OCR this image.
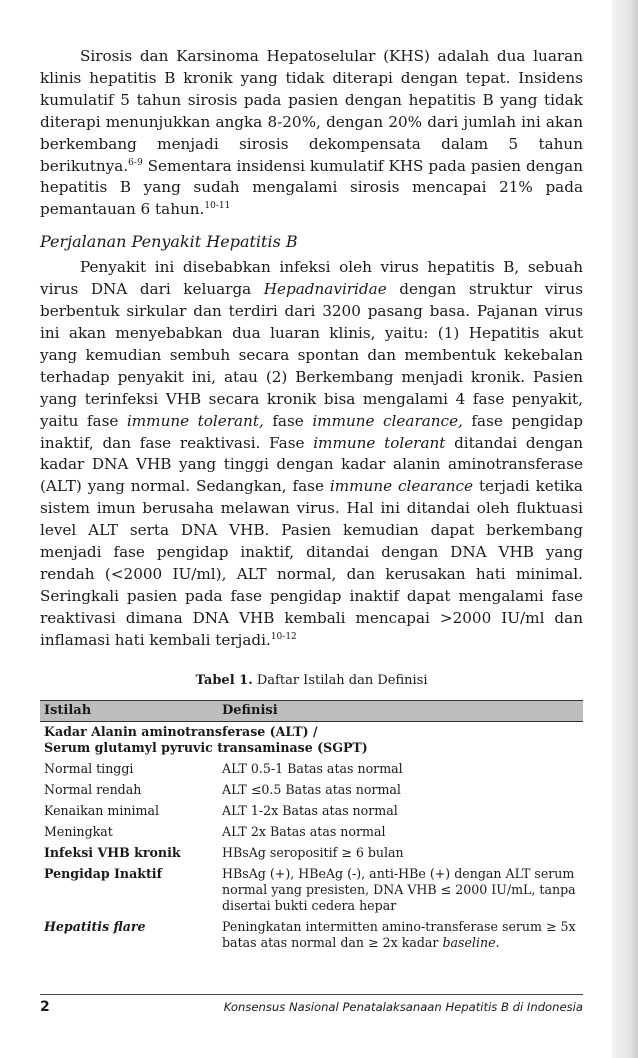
Sirosis dan Karsinoma Hepatoselular (KHS) adalah dua luaran klinis hepatitis B kronik yang tidak diterapi dengan tepat. Insidens kumulatif 5 tahun sirosis pada pasien dengan hepatitis B yang tidak diterapi menunjukkan angka 8-20%, dengan 20% dari jumlah ini akan berkembang menjadi sirosis dekompensata dalam 5 tahun berikutnya.$^{6-9}$ Sementara insidensi kumulatif KHS pada pasien dengan hepatitis B yang sudah mengalami sirosis mencapai 21% pada pemantauan 6 tahun.$^{10-11}$

Perjalanan Penyakit Hepatitis B

Penyakit ini disebabkan infeksi oleh virus hepatitis B, sebuah virus DNA dari keluarga Hepadnaviridae dengan struktur virus berbentuk sirkular dan terdiri dari 3200 pasang basa. Pajanan virus ini akan menyebabkan dua luaran klinis, yaitu: (1) Hepatitis akut yang kemudian sembuh secara spontan dan membentuk kekebalan terhadap penyakit ini, atau (2) Berkembang menjadi kronik. Pasien yang terinfeksi VHB secara kronik bisa mengalami 4 fase penyakit, yaitu fase immune tolerant, fase immune clearance, fase pengidap inaktif, dan fase reaktivasi. Fase immune tolerant ditandai dengan kadar DNA VHB yang tinggi dengan kadar alanin aminotransferase (ALT) yang normal. Sedangkan, fase immune clearance terjadi ketika sistem imun berusaha melawan virus. Hal ini ditandai oleh fluktuasi level ALT serta DNA VHB. Pasien kemudian dapat berkembang menjadi fase pengidap inaktif, ditandai dengan DNA VHB yang rendah (<2000 IU/ml), ALT normal, dan kerusakan hati minimal. Seringkali pasien pada fase pengidap inaktif dapat mengalami fase reaktivasi dimana DNA VHB kembali mencapai >2000 IU/ml dan inflamasi hati kembali terjadi.$^{10-12}$

Tabel 1. Daftar Istilah dan Definisi
Istilah	Definisi
Kadar Alanin aminotransferase (ALT) /
Serum glutamyl pyruvic transaminase (SGPT)	
Normal tinggi	ALT 0.5-1 Batas atas normal
Normal rendah	ALT ≤0.5 Batas atas normal
Kenaikan minimal	ALT 1-2x Batas atas normal
Meningkat	ALT 2x Batas atas normal
Infeksi VHB kronik	HBsAg seropositif ≥ 6 bulan
Pengidap Inaktif	HBsAg (+), HBeAg (-), anti-HBe (+) dengan ALT serum normal yang presisten, DNA VHB ≤ 2000 IU/mL, tanpa disertai bukti cedera hepar
Hepatitis flare	Peningkatan intermitten amino-transferase serum ≥ 5x batas atas normal dan ≥ 2x kadar baseline.
2	Konsensus Nasional Penatalaksanaan Hepatitis B di Indonesia
